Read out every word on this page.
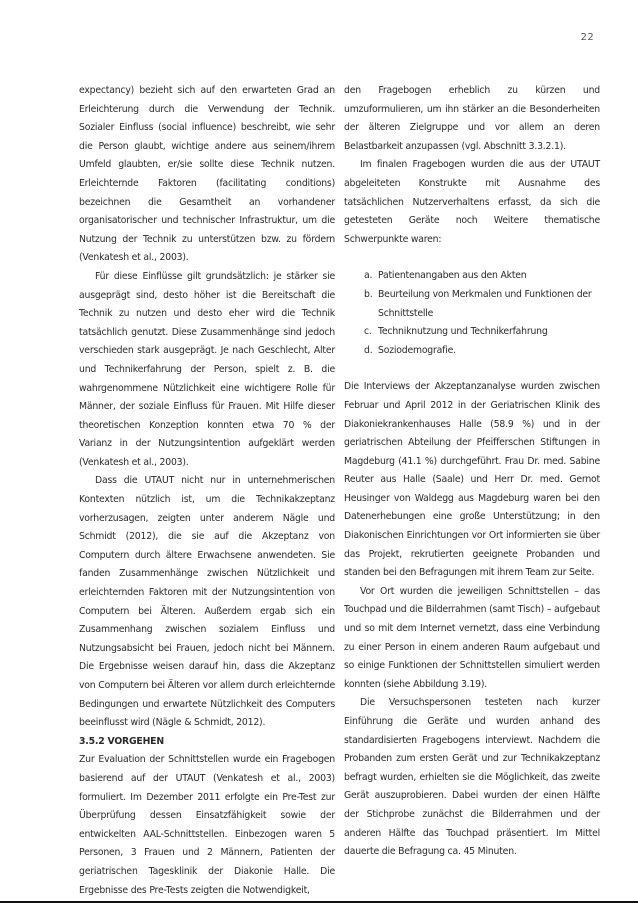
22

expectancy) bezieht sich auf den erwarteten Grad an Erleichterung durch die Verwendung der Technik. Sozialer Einfluss (social influence) beschreibt, wie sehr die Person glaubt, wichtige andere aus seinem/ihrem Umfeld glaubten, er/sie sollte diese Technik nutzen. Erleichternde Faktoren (facilitating conditions) bezeichnen die Gesamtheit an vorhandener organisatorischer und technischer Infrastruktur, um die Nutzung der Technik zu unterstützen bzw. zu fördern (Venkatesh et al., 2003).

Für diese Einflüsse gilt grundsätzlich: je stärker sie ausgeprägt sind, desto höher ist die Bereitschaft die Technik zu nutzen und desto eher wird die Technik tatsächlich genutzt. Diese Zusammenhänge sind jedoch verschieden stark ausgeprägt. Je nach Geschlecht, Alter und Technikerfahrung der Person, spielt z. B. die wahrgenommene Nützlichkeit eine wichtigere Rolle für Männer, der soziale Einfluss für Frauen. Mit Hilfe dieser theoretischen Konzeption konnten etwa 70 % der Varianz in der Nutzungsintention aufgeklärt werden (Venkatesh et al., 2003).

Dass die UTAUT nicht nur in unternehmerischen Kontexten nützlich ist, um die Technikakzeptanz vorherzusagen, zeigten unter anderem Nägle und Schmidt (2012), die sie auf die Akzeptanz von Computern durch ältere Erwachsene anwendeten. Sie fanden Zusammenhänge zwischen Nützlichkeit und erleichternden Faktoren mit der Nutzungsintention von Computern bei Älteren. Außerdem ergab sich ein Zusammenhang zwischen sozialem Einfluss und Nutzungsabsicht bei Frauen, jedoch nicht bei Männern. Die Ergebnisse weisen darauf hin, dass die Akzeptanz von Computern bei Älteren vor allem durch erleichternde Bedingungen und erwartete Nützlichkeit des Computers beeinflusst wird (Nägle & Schmidt, 2012).

3.5.2 VORGEHEN

Zur Evaluation der Schnittstellen wurde ein Fragebogen basierend auf der UTAUT (Venkatesh et al., 2003) formuliert. Im Dezember 2011 erfolgte ein Pre-Test zur Überprüfung dessen Einsatzfähigkeit sowie der entwickelten AAL-Schnittstellen. Einbezogen waren 5 Personen, 3 Frauen und 2 Männern, Patienten der geriatrischen Tagesklinik der Diakonie Halle. Die Ergebnisse des Pre-Tests zeigten die Notwendigkeit,

den Fragebogen erheblich zu kürzen und umzuformulieren, um ihn stärker an die Besonderheiten der älteren Zielgruppe und vor allem an deren Belastbarkeit anzupassen (vgl. Abschnitt 3.3.2.1).

Im finalen Fragebogen wurden die aus der UTAUT abgeleiteten Konstrukte mit Ausnahme des tatsächlichen Nutzerverhaltens erfasst, da sich die getesteten Geräte noch Weitere thematische Schwerpunkte waren:

a. Patientenangaben aus den Akten
b. Beurteilung von Merkmalen und Funktionen der Schnittstelle
c. Techniknutzung und Technikerfahrung
d. Soziodemografie.

Die Interviews der Akzeptanzanalyse wurden zwischen Februar und April 2012 in der Geriatrischen Klinik des Diakoniekrankenhauses Halle (58.9 %) und in der geriatrischen Abteilung der Pfeifferschen Stiftungen in Magdeburg (41.1 %) durchgeführt. Frau Dr. med. Sabine Reuter aus Halle (Saale) und Herr Dr. med. Gernot Heusinger von Waldegg aus Magdeburg waren bei den Datenerhebungen eine große Unterstützung; in den Diakonischen Einrichtungen vor Ort informierten sie über das Projekt, rekrutierten geeignete Probanden und standen bei den Befragungen mit ihrem Team zur Seite.

Vor Ort wurden die jeweiligen Schnittstellen – das Touchpad und die Bilderrahmen (samt Tisch) – aufgebaut und so mit dem Internet vernetzt, dass eine Verbindung zu einer Person in einem anderen Raum aufgebaut und so einige Funktionen der Schnittstellen simuliert werden konnten (siehe Abbildung 3.19).

Die Versuchspersonen testeten nach kurzer Einführung die Geräte und wurden anhand des standardisierten Fragebogens interviewt. Nachdem die Probanden zum ersten Gerät und zur Technikakzeptanz befragt wurden, erhielten sie die Möglichkeit, das zweite Gerät auszuprobieren. Dabei wurden der einen Hälfte der Stichprobe zunächst die Bilderrahmen und der anderen Hälfte das Touchpad präsentiert. Im Mittel dauerte die Befragung ca. 45 Minuten.
